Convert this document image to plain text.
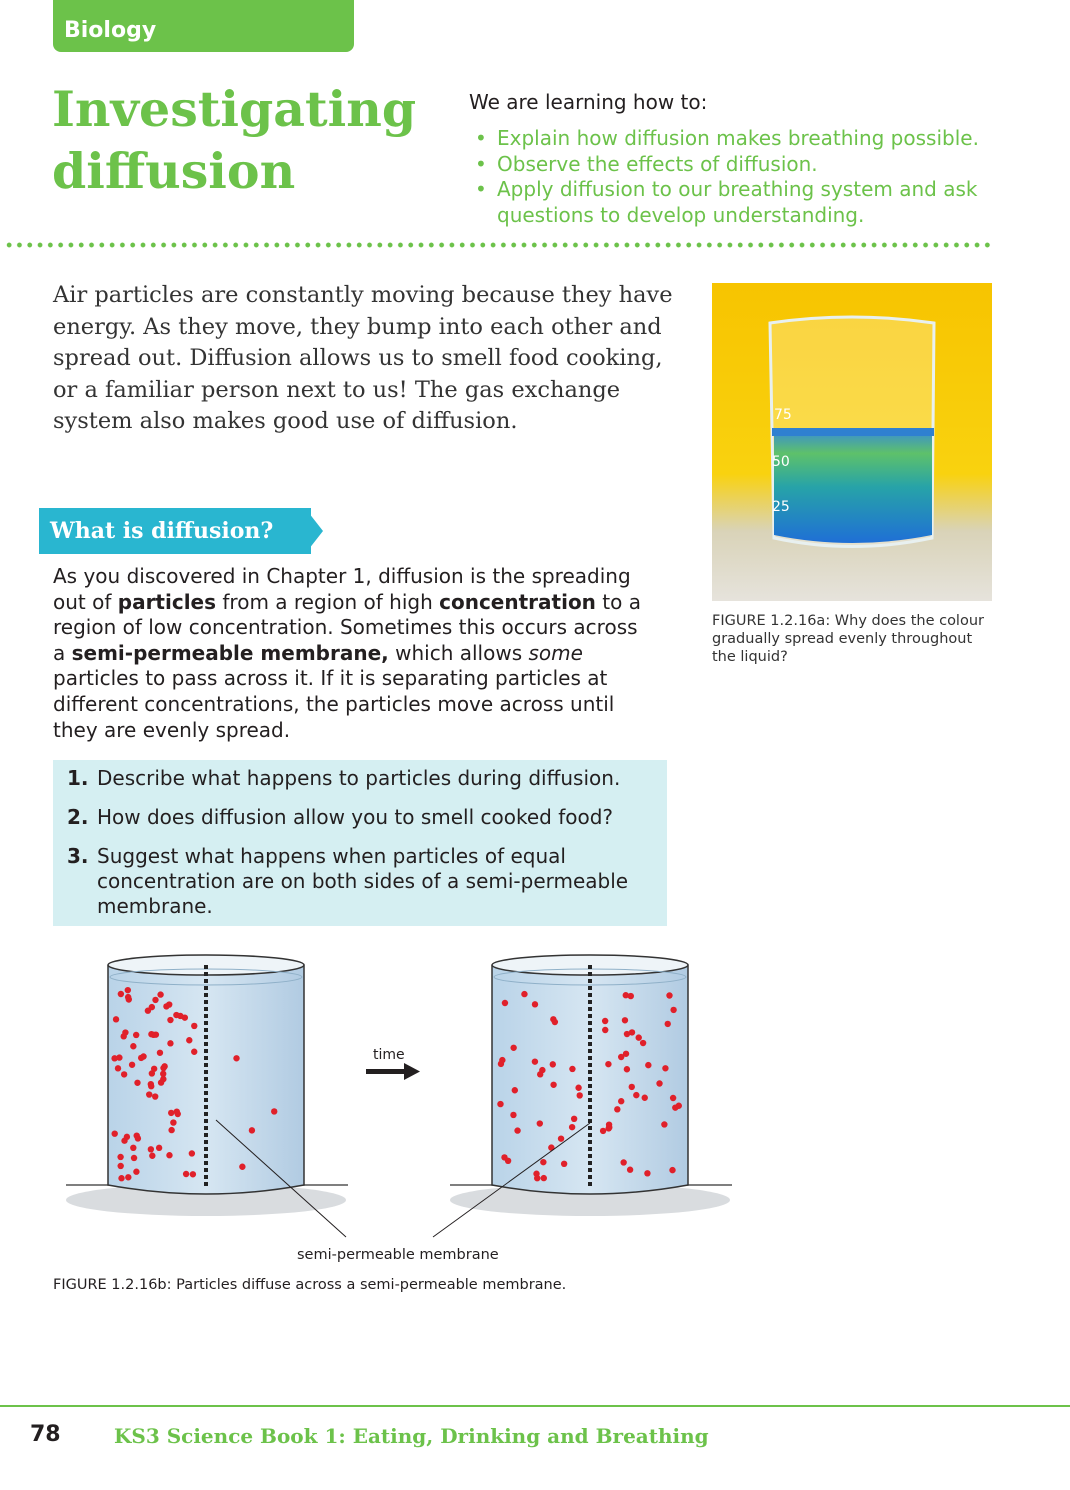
Biology
Investigating
diffusion
We are learning how to:
• Explain how diffusion makes breathing possible.
• Observe the effects of diffusion.
• Apply diffusion to our breathing system and ask questions to develop understanding.
Air particles are constantly moving because they have energy. As they move, they bump into each other and spread out. Diffusion allows us to smell food cooking, or a familiar person next to us! The gas exchange system also makes good use of diffusion.	75
50
25
FIGURE 1.2.16a: Why does the colour gradually spread evenly throughout the liquid?
What is diffusion?
As you discovered in Chapter 1, diffusion is the spreading out of particles from a region of high concentration to a region of low concentration. Sometimes this occurs across a semi-permeable membrane, which allows some particles to pass across it. If it is separating particles at different concentrations, the particles move across until they are evenly spread.
1. Describe what happens to particles during diffusion.
2. How does diffusion allow you to smell cooked food?
3. Suggest what happens when particles of equal concentration are on both sides of a semi-permeable membrane.
time
semi-permeable membrane
FIGURE 1.2.16b: Particles diffuse across a semi-permeable membrane.
78	KS3 Science Book 1: Eating, Drinking and Breathing
